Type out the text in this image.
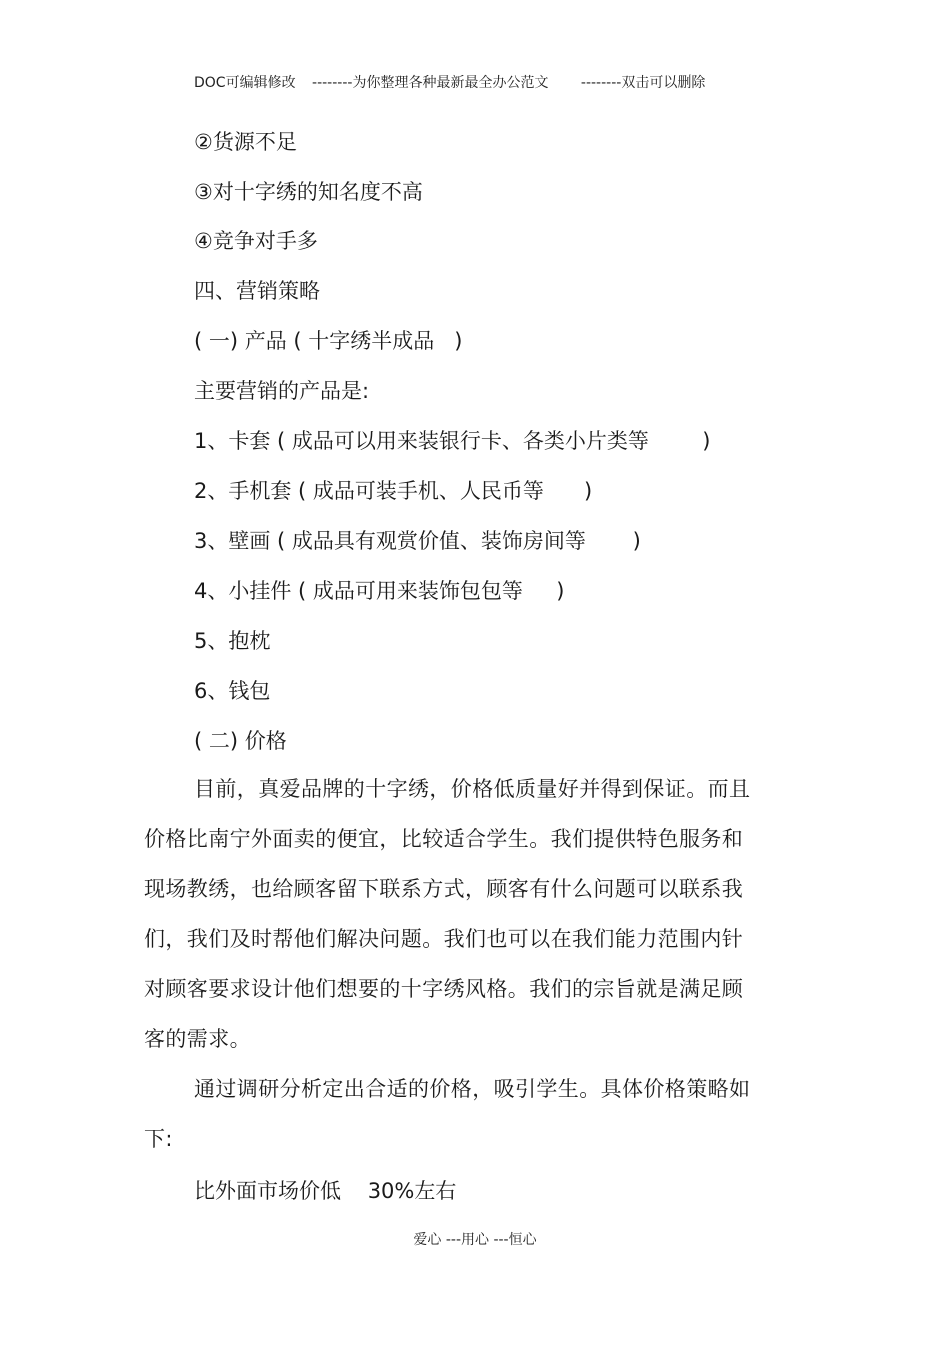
DOC可编辑修改 --------为你整理各种最新最全办公范文 --------双击可以删除
②货源不足
③对十字绣的知名度不高
④竞争对手多
四、营销策略
( 一) 产品 ( 十字绣半成品   )
主要营销的产品是:
1、卡套 ( 成品可以用来装银行卡、各类小片类等        )
2、手机套 ( 成品可装手机、人民币等      )
3、壁画 ( 成品具有观赏价值、装饰房间等       )
4、小挂件 ( 成品可用来装饰包包等     )
5、抱枕
6、钱包
( 二) 价格
目前，真爱品牌的十字绣，价格低质量好并得到保证。而且价格比南宁外面卖的便宜，比较适合学生。我们提供特色服务和现场教绣，也给顾客留下联系方式，顾客有什么问题可以联系我们，我们及时帮他们解决问题。我们也可以在我们能力范围内针对顾客要求设计他们想要的十字绣风格。我们的宗旨就是满足顾客的需求。
通过调研分析定出合适的价格，吸引学生。具体价格策略如下:
比外面市场价低    30%左右
爱心 ---用心 ---恒心
